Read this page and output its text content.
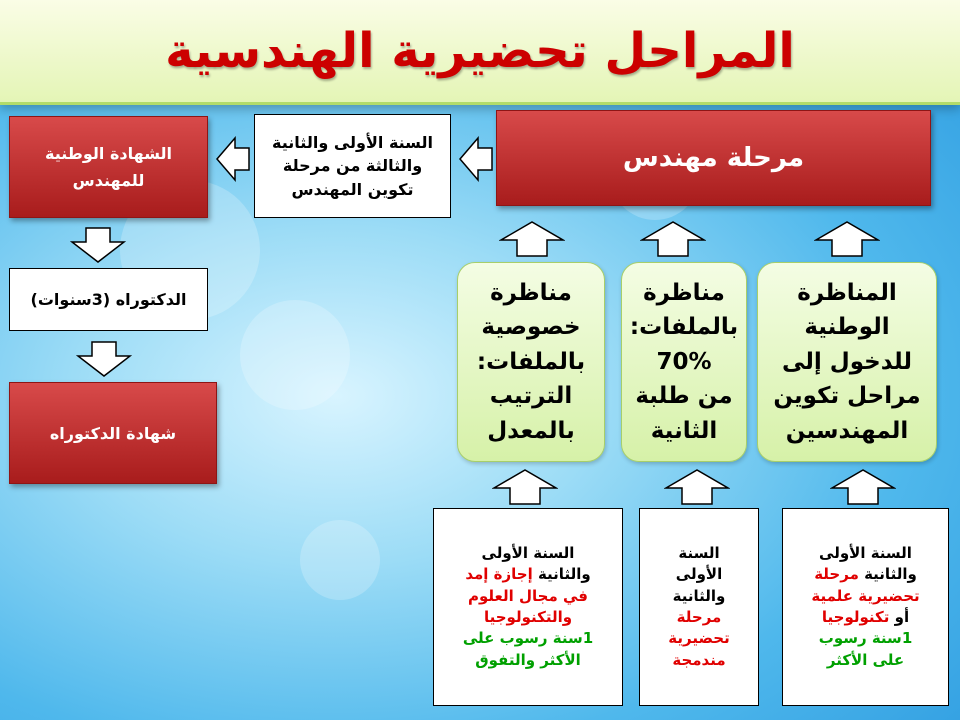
المراحل تحضيرية الهندسية
مرحلة مهندس
السنة الأولى والثانية
والثالثة من مرحلة
تكوين المهندس
الشهادة الوطنية
للمهندس
الدكتوراه (3سنوات)
شهادة الدكتوراه
مناظرة
خصوصية
بالملفات:
الترتيب
بالمعدل
مناظرة
بالملفات:
70%
من طلبة
الثانية
المناظرة
الوطنية
للدخول إلى
مراحل تكوين
المهندسين
السنة الأولى
والثانية إجازة إمد
في مجال العلوم
والتكنولوجيا
1سنة رسوب على
الأكثر والتفوق
السنة
الأولى
والثانية
مرحلة
تحضيرية
مندمجة
السنة الأولى
والثانية مرحلة
تحضيرية علمية
أو تكنولوجيا
1سنة رسوب
على الأكثر
